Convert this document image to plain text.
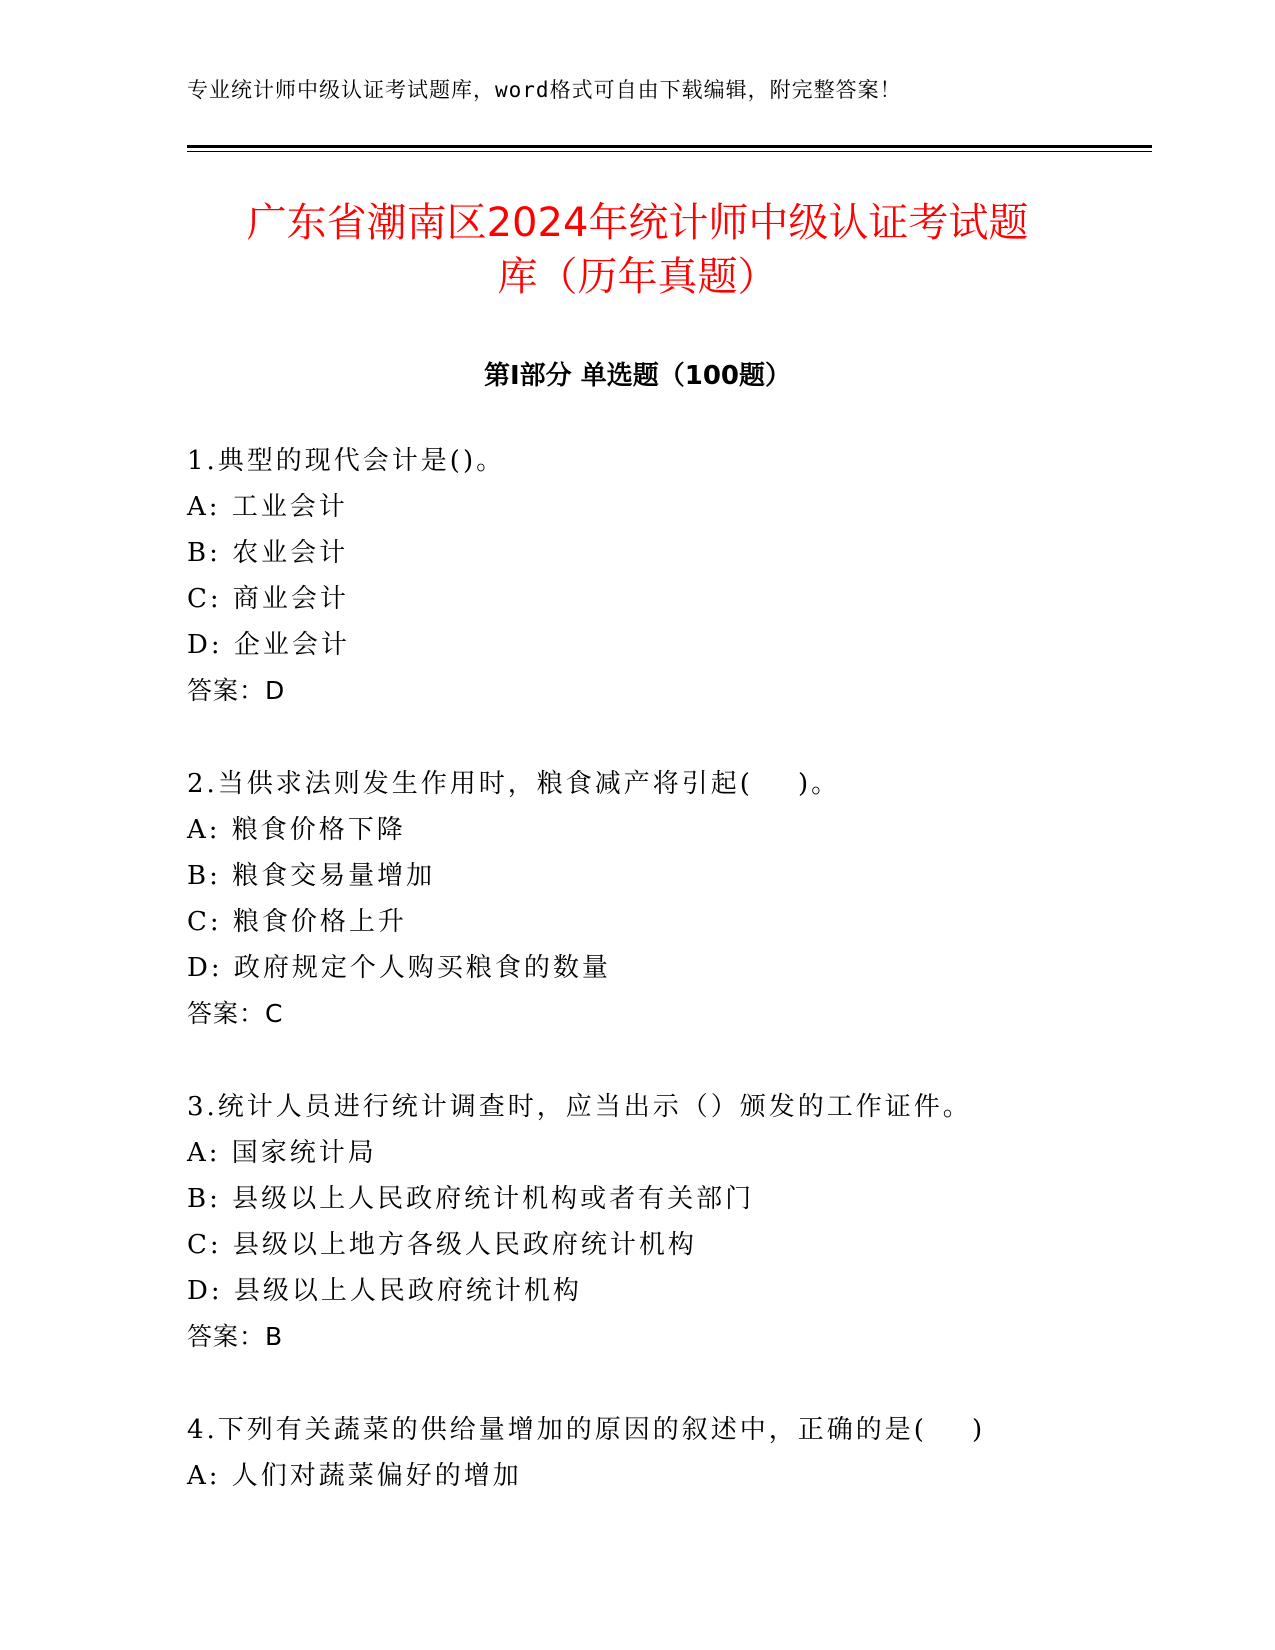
专业统计师中级认证考试题库，word格式可自由下载编辑，附完整答案！
广东省潮南区2024年统计师中级认证考试题
库（历年真题）
第I部分 单选题（100题）
1.典型的现代会计是()。
A: 工业会计
B: 农业会计
C: 商业会计
D: 企业会计
答案：D
2.当供求法则发生作用时，粮食减产将引起(    )。
A: 粮食价格下降
B: 粮食交易量增加
C: 粮食价格上升
D: 政府规定个人购买粮食的数量
答案：C
3.统计人员进行统计调查时，应当出示（）颁发的工作证件。
A: 国家统计局
B: 县级以上人民政府统计机构或者有关部门
C: 县级以上地方各级人民政府统计机构
D: 县级以上人民政府统计机构
答案：B
4.下列有关蔬菜的供给量增加的原因的叙述中，正确的是(    )
A: 人们对蔬菜偏好的增加
